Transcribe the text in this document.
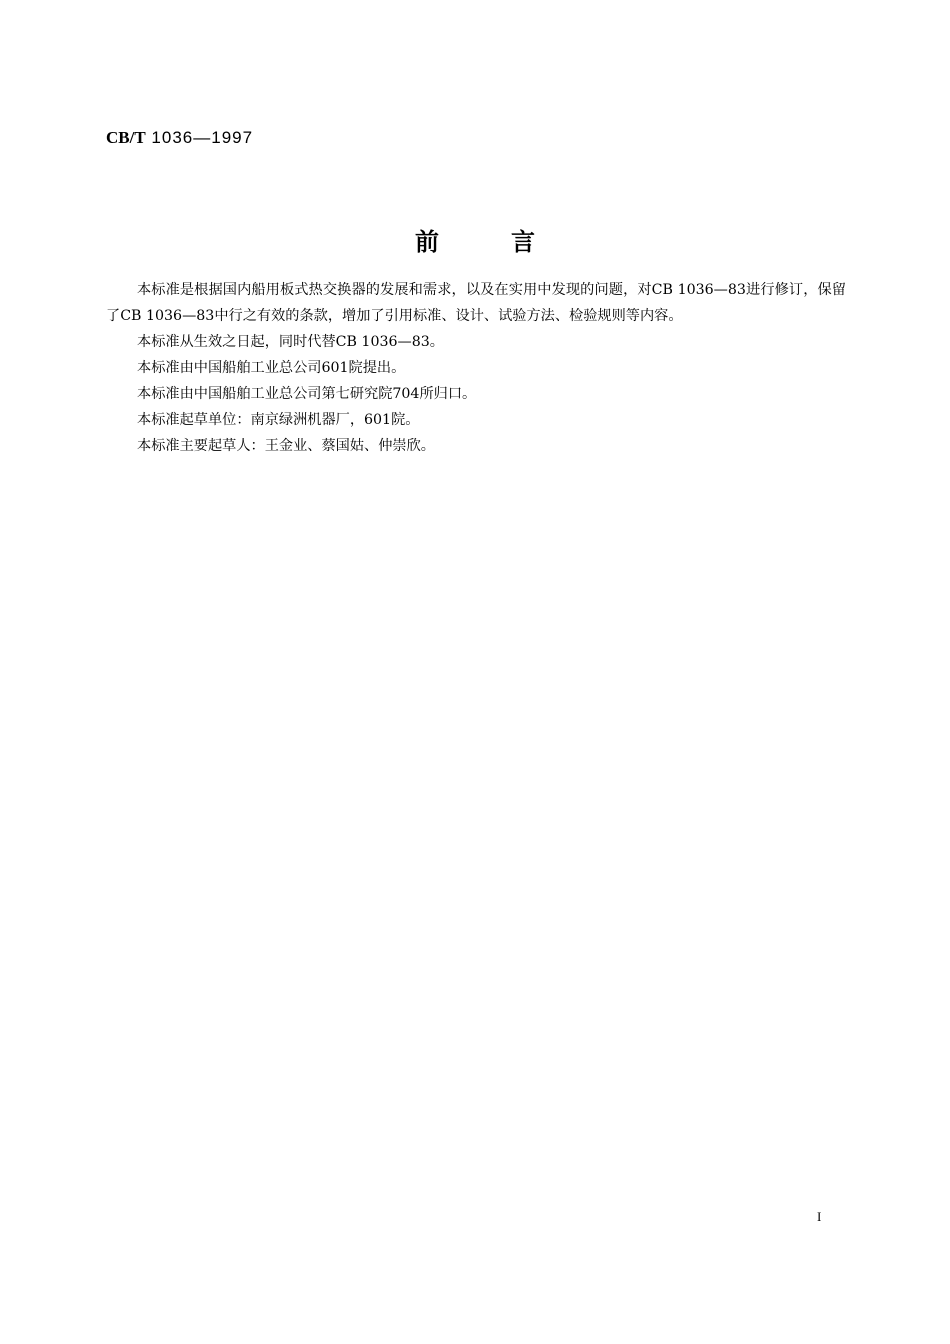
CB/T 1036—1997
前言

本标准是根据国内船用板式热交换器的发展和需求，以及在实用中发现的问题，对CB 1036—83进行修订，保留了CB 1036—83中行之有效的条款，增加了引用标准、设计、试验方法、检验规则等内容。

本标准从生效之日起，同时代替CB 1036—83。

本标准由中国船舶工业总公司601院提出。

本标准由中国船舶工业总公司第七研究院704所归口。

本标准起草单位：南京绿洲机器厂，601院。

本标准主要起草人：王金业、蔡国姑、仲崇欣。

I
